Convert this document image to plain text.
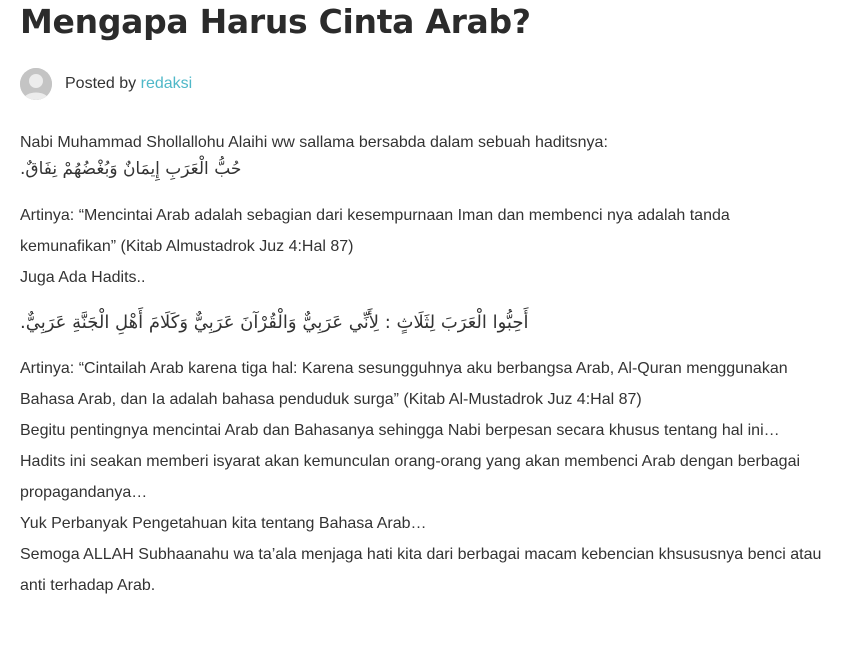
Mengapa Harus Cinta Arab?
Posted by redaksi

Nabi Muhammad Shollallohu Alaihi ww sallama bersabda dalam sebuah haditsnya:

حُبُّ الْعَرَبِ إِيمَانٌ وَبُغْضُهُمْ نِفَاقٌ.

Artinya: “Mencintai Arab adalah sebagian dari kesempurnaan Iman dan membenci nya adalah tanda kemunafikan” (Kitab Almustadrok Juz 4:Hal 87)

Juga Ada Hadits..

أَحِبُّوا الْعَرَبَ لِثَلَاثٍ : لِأَنِّي عَرَبِيٌّ وَالْقُرْآنَ عَرَبِيٌّ وَكَلَامَ أَهْلِ الْجَنَّةِ عَرَبِيٌّ.

Artinya: “Cintailah Arab karena tiga hal: Karena sesungguhnya aku berbangsa Arab, Al-Quran menggunakan Bahasa Arab, dan Ia adalah bahasa penduduk surga” (Kitab Al-Mustadrok Juz 4:Hal 87)

Begitu pentingnya mencintai Arab dan Bahasanya sehingga Nabi berpesan secara khusus tentang hal ini…

Hadits ini seakan memberi isyarat akan kemunculan orang-orang yang akan membenci Arab dengan berbagai propagandanya…

Yuk Perbanyak Pengetahuan kita tentang Bahasa Arab…

Semoga ALLAH Subhaanahu wa ta’ala menjaga hati kita dari berbagai macam kebencian khsususnya benci atau anti terhadap Arab.
